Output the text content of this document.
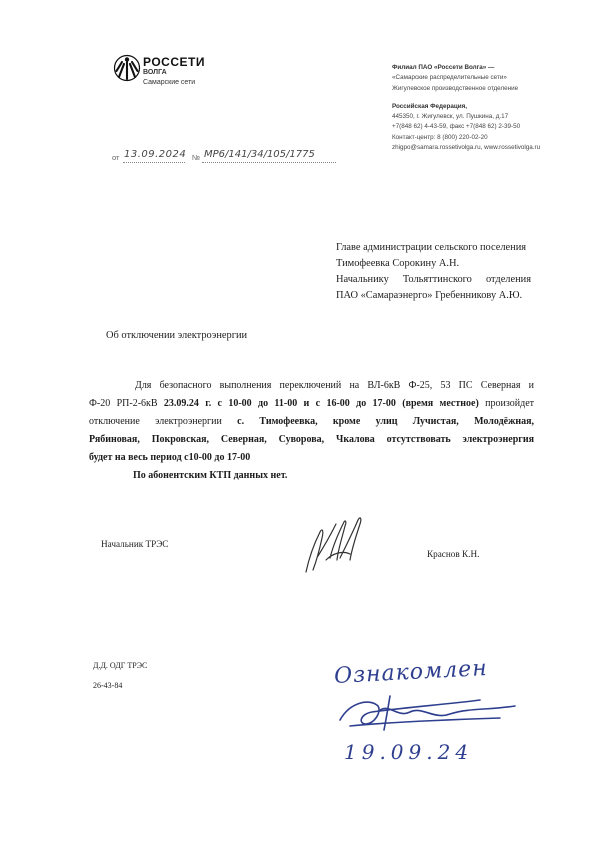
РОССЕТИ
ВОЛГА
Самарские сети
Филиал ПАО «Россети Волга» —
«Самарские распределительные сети»
Жигулевское производственное отделение
Российская Федерация,
445350, г. Жигулевск, ул. Пушкина, д.17
+7(848 62) 4-43-59, факс +7(848 62) 2-39-50
Контакт-центр: 8 (800) 220-02-20
zhigpo@samara.rossetivolga.ru, www.rossetivolga.ru
от 13.09.2024 № МР6/141/34/105/1775
Главе администрации сельского поселения
Тимофеевка Сорокину А.Н.
Начальнику Тольяттинского отделения
ПАО «Самараэнерго» Гребенникову А.Ю.
Об отключении электроэнергии
Для безопасного выполнения переключений на ВЛ-6кВ Ф-25, 53 ПС Северная и
Ф-20 РП-2-6кВ 23.09.24 г. с 10-00 до 11-00 и с 16-00 до 17-00 (время местное) произойдет
отключение электроэнергии с. Тимофеевка, кроме улиц Лучистая, Молодёжная,
Рябиновая, Покровская, Северная, Суворова, Чкалова отсутствовать электроэнергия
будет на весь период с10-00 до 17-00
По абонентским КТП данных нет.
Начальник ТРЭС
Краснов К.Н.
Д.Д. ОДГ ТРЭС
26-43-84	Ознакомлен
19.09.24
